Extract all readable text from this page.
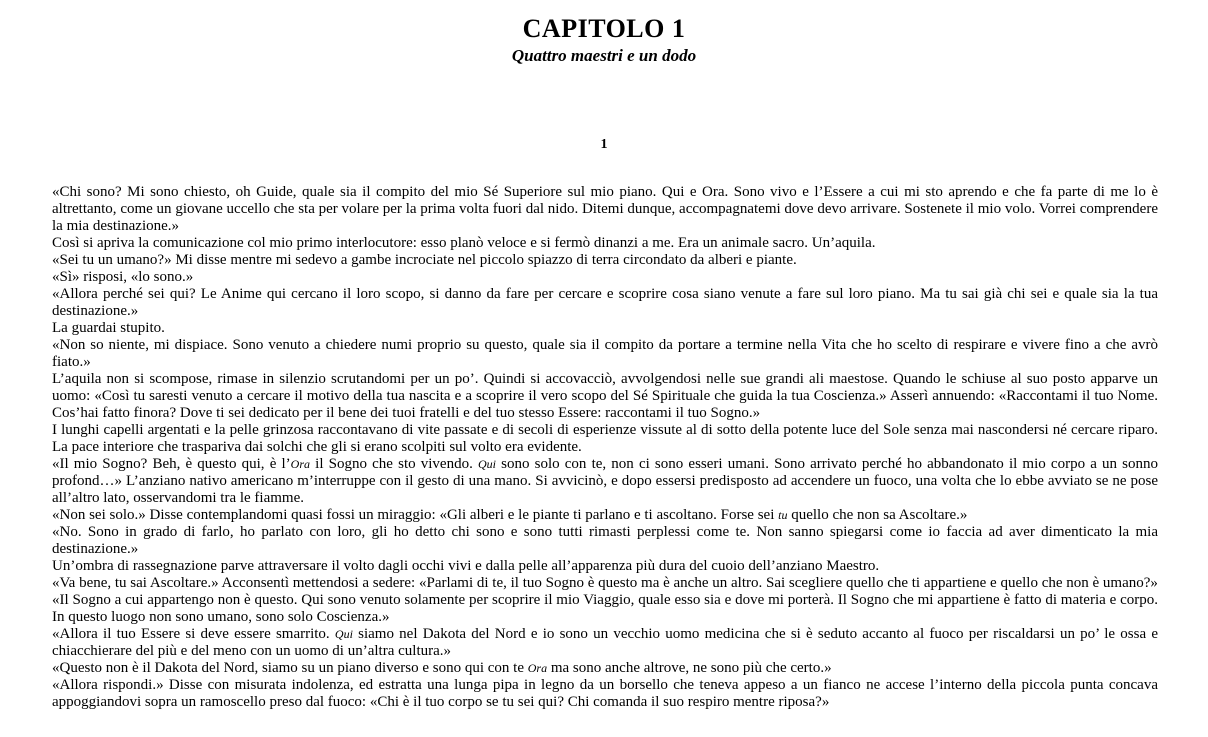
CAPITOLO 1
Quattro maestri e un dodo
1

«Chi sono? Mi sono chiesto, oh Guide, quale sia il compito del mio Sé Superiore sul mio piano. Qui e Ora. Sono vivo e l’Essere a cui mi sto aprendo e che fa parte di me lo è altrettanto, come un giovane uccello che sta per volare per la prima volta fuori dal nido. Ditemi dunque, accompagnatemi dove devo arrivare. Sostenete il mio volo. Vorrei comprendere la mia destinazione.»

Così si apriva la comunicazione col mio primo interlocutore: esso planò veloce e si fermò dinanzi a me. Era un animale sacro. Un’aquila.

«Sei tu un umano?» Mi disse mentre mi sedevo a gambe incrociate nel piccolo spiazzo di terra circondato da alberi e piante.

«Sì» risposi, «lo sono.»

«Allora perché sei qui? Le Anime qui cercano il loro scopo, si danno da fare per cercare e scoprire cosa siano venute a fare sul loro piano. Ma tu sai già chi sei e quale sia la tua destinazione.»

La guardai stupito.

«Non so niente, mi dispiace. Sono venuto a chiedere numi proprio su questo, quale sia il compito da portare a termine nella Vita che ho scelto di respirare e vivere fino a che avrò fiato.»

L’aquila non si scompose, rimase in silenzio scrutandomi per un po’. Quindi si accovacciò, avvolgendosi nelle sue grandi ali maestose. Quando le schiuse al suo posto apparve un uomo: «Così tu saresti venuto a cercare il motivo della tua nascita e a scoprire il vero scopo del Sé Spirituale che guida la tua Coscienza.» Asserì annuendo: «Raccontami il tuo Nome. Cos’hai fatto finora? Dove ti sei dedicato per il bene dei tuoi fratelli e del tuo stesso Essere: raccontami il tuo Sogno.»

I lunghi capelli argentati e la pelle grinzosa raccontavano di vite passate e di secoli di esperienze vissute al di sotto della potente luce del Sole senza mai nascondersi né cercare riparo. La pace interiore che traspariva dai solchi che gli si erano scolpiti sul volto era evidente.

«Il mio Sogno? Beh, è questo qui, è l’Ora il Sogno che sto vivendo. Qui sono solo con te, non ci sono esseri umani. Sono arrivato perché ho abbandonato il mio corpo a un sonno profond…» L’anziano nativo americano m’interruppe con il gesto di una mano. Si avvicinò, e dopo essersi predisposto ad accendere un fuoco, una volta che lo ebbe avviato se ne pose all’altro lato, osservandomi tra le fiamme.

«Non sei solo.» Disse contemplandomi quasi fossi un miraggio: «Gli alberi e le piante ti parlano e ti ascoltano. Forse sei tu quello che non sa Ascoltare.»

«No. Sono in grado di farlo, ho parlato con loro, gli ho detto chi sono e sono tutti rimasti perplessi come te. Non sanno spiegarsi come io faccia ad aver dimenticato la mia destinazione.»

Un’ombra di rassegnazione parve attraversare il volto dagli occhi vivi e dalla pelle all’apparenza più dura del cuoio dell’anziano Maestro.

«Va bene, tu sai Ascoltare.» Acconsentì mettendosi a sedere: «Parlami di te, il tuo Sogno è questo ma è anche un altro. Sai scegliere quello che ti appartiene e quello che non è umano?»

«Il Sogno a cui appartengo non è questo. Qui sono venuto solamente per scoprire il mio Viaggio, quale esso sia e dove mi porterà. Il Sogno che mi appartiene è fatto di materia e corpo. In questo luogo non sono umano, sono solo Coscienza.»

«Allora il tuo Essere si deve essere smarrito. Qui siamo nel Dakota del Nord e io sono un vecchio uomo medicina che si è seduto accanto al fuoco per riscaldarsi un po’ le ossa e chiacchierare del più e del meno con un uomo di un’altra cultura.»

«Questo non è il Dakota del Nord, siamo su un piano diverso e sono qui con te Ora ma sono anche altrove, ne sono più che certo.»

«Allora rispondi.» Disse con misurata indolenza, ed estratta una lunga pipa in legno da un borsello che teneva appeso a un fianco ne accese l’interno della piccola punta concava appoggiandovi sopra un ramoscello preso dal fuoco: «Chi è il tuo corpo se tu sei qui? Chi comanda il suo respiro mentre riposa?»
